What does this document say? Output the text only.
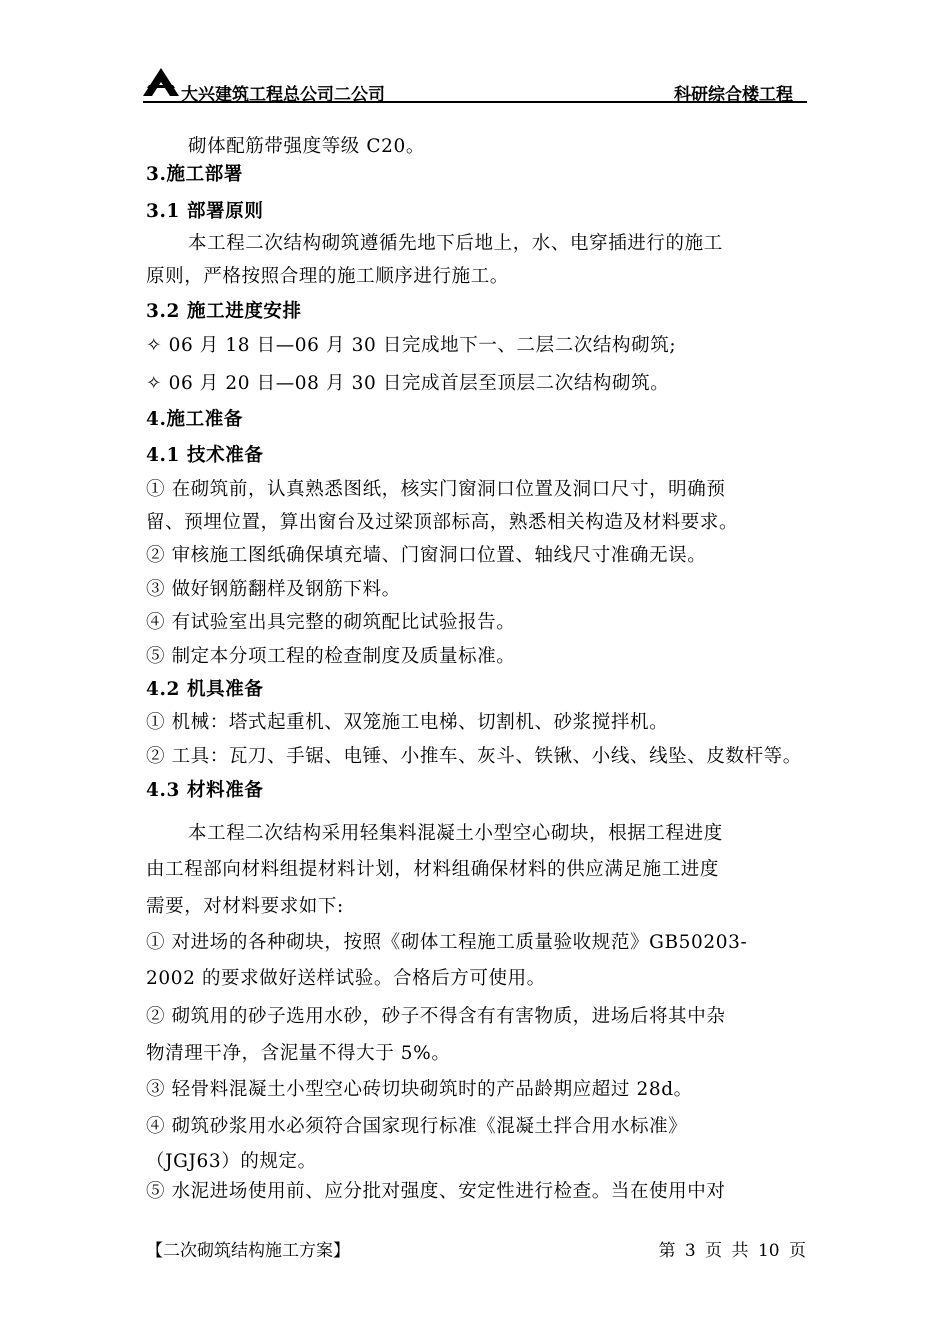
大兴建筑工程总公司二公司	科研综合楼工程
砌体配筋带强度等级 C20。
3.施工部署
3.1 部署原则
本工程二次结构砌筑遵循先地下后地上，水、电穿插进行的施工
原则，严格按照合理的施工顺序进行施工。
3.2 施工进度安排
✧ 06 月 18 日—06 月 30 日完成地下一、二层二次结构砌筑;
✧ 06 月 20 日—08 月 30 日完成首层至顶层二次结构砌筑。
4.施工准备
4.1 技术准备
① 在砌筑前，认真熟悉图纸，核实门窗洞口位置及洞口尺寸，明确预
留、预埋位置，算出窗台及过梁顶部标高，熟悉相关构造及材料要求。
② 审核施工图纸确保填充墙、门窗洞口位置、轴线尺寸准确无误。
③ 做好钢筋翻样及钢筋下料。
④ 有试验室出具完整的砌筑配比试验报告。
⑤ 制定本分项工程的检查制度及质量标准。
4.2 机具准备
① 机械：塔式起重机、双笼施工电梯、切割机、砂浆搅拌机。
② 工具：瓦刀、手锯、电锤、小推车、灰斗、铁锹、小线、线坠、皮数杆等。
4.3 材料准备
本工程二次结构采用轻集料混凝土小型空心砌块，根据工程进度
由工程部向材料组提材料计划，材料组确保材料的供应满足施工进度
需要，对材料要求如下:
① 对进场的各种砌块，按照《砌体工程施工质量验收规范》GB50203-
2002 的要求做好送样试验。合格后方可使用。
② 砌筑用的砂子选用水砂，砂子不得含有有害物质，进场后将其中杂
物清理干净，含泥量不得大于 5%。
③ 轻骨料混凝土小型空心砖切块砌筑时的产品龄期应超过 28d。
④ 砌筑砂浆用水必须符合国家现行标准《混凝土拌合用水标准》
（JGJ63）的规定。
⑤ 水泥进场使用前、应分批对强度、安定性进行检查。当在使用中对
【二次砌筑结构施工方案】	第 3 页 共 10 页
